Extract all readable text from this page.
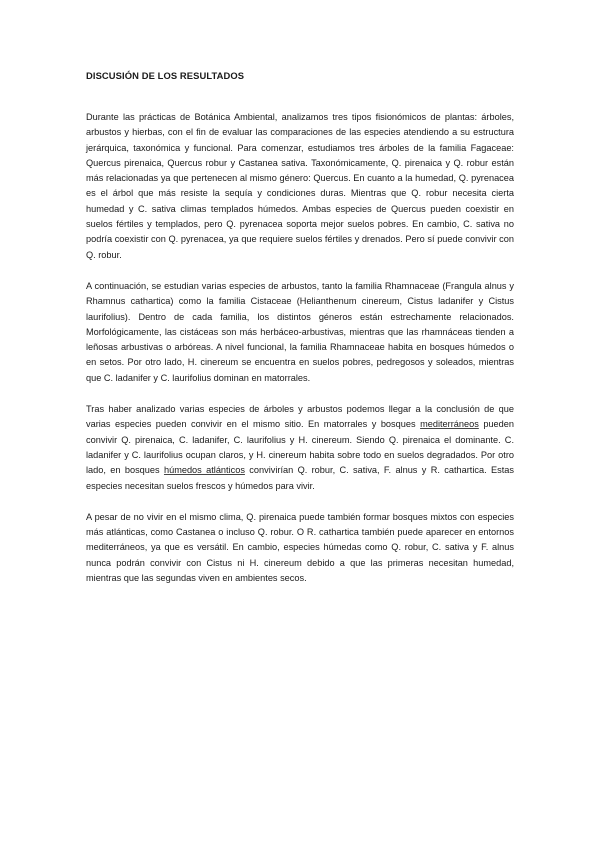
DISCUSIÓN DE LOS RESULTADOS

Durante las prácticas de Botánica Ambiental, analizamos tres tipos fisionómicos de plantas: árboles, arbustos y hierbas, con el fin de evaluar las comparaciones de las especies atendiendo a su estructura jerárquica, taxonómica y funcional. Para comenzar, estudiamos tres árboles de la familia Fagaceae: Quercus pirenaica, Quercus robur y Castanea sativa. Taxonómicamente, Q. pirenaica y Q. robur están más relacionadas ya que pertenecen al mismo género: Quercus. En cuanto a la humedad, Q. pyrenacea es el árbol que más resiste la sequía y condiciones duras. Mientras que Q. robur necesita cierta humedad y C. sativa climas templados húmedos. Ambas especies de Quercus pueden coexistir en suelos fértiles y templados, pero Q. pyrenacea soporta mejor suelos pobres. En cambio, C. sativa no podría coexistir con Q. pyrenacea, ya que requiere suelos fértiles y drenados. Pero sí puede convivir con Q. robur.

A continuación, se estudian varias especies de arbustos, tanto la familia Rhamnaceae (Frangula alnus y Rhamnus cathartica) como la familia Cistaceae (Helianthenum cinereum, Cistus ladanifer y Cistus laurifolius). Dentro de cada familia, los distintos géneros están estrechamente relacionados. Morfológicamente, las cistáceas son más herbáceo-arbustivas, mientras que las rhamnáceas tienden a leñosas arbustivas o arbóreas. A nivel funcional, la familia Rhamnaceae habita en bosques húmedos o en setos. Por otro lado, H. cinereum se encuentra en suelos pobres, pedregosos y soleados, mientras que C. ladanifer y C. laurifolius dominan en matorrales.

Tras haber analizado varias especies de árboles y arbustos podemos llegar a la conclusión de que varias especies pueden convivir en el mismo sitio. En matorrales y bosques mediterráneos pueden convivir Q. pirenaica, C. ladanifer, C. laurifolius y H. cinereum. Siendo Q. pirenaica el dominante. C. ladanifer y C. laurifolius ocupan claros, y H. cinereum habita sobre todo en suelos degradados. Por otro lado, en bosques húmedos atlánticos convivirían Q. robur, C. sativa, F. alnus y R. cathartica. Estas especies necesitan suelos frescos y húmedos para vivir.

A pesar de no vivir en el mismo clima, Q. pirenaica puede también formar bosques mixtos con especies más atlánticas, como Castanea o incluso Q. robur. O R. cathartica también puede aparecer en entornos mediterráneos, ya que es versátil. En cambio, especies húmedas como Q. robur, C. sativa y F. alnus nunca podrán convivir con Cistus ni H. cinereum debido a que las primeras necesitan humedad, mientras que las segundas viven en ambientes secos.
